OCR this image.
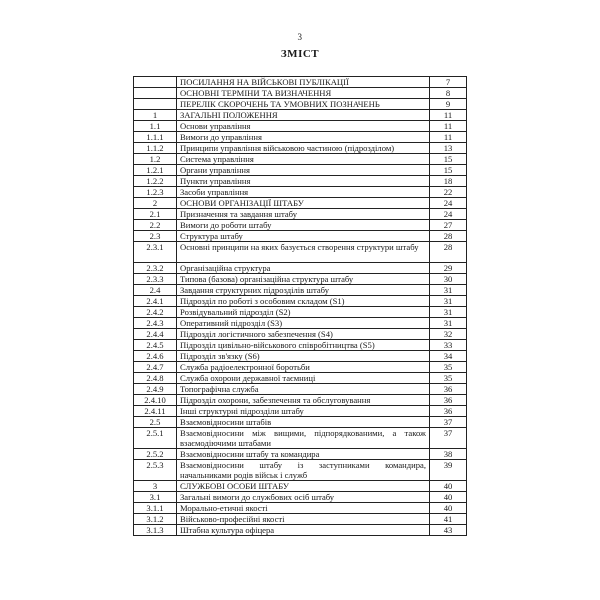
3
ЗМІСТ
	ПОСИЛАННЯ НА ВІЙСЬКОВІ ПУБЛІКАЦІЇ	7
	ОСНОВНІ ТЕРМІНИ ТА ВИЗНАЧЕННЯ	8
	ПЕРЕЛІК СКОРОЧЕНЬ ТА УМОВНИХ ПОЗНАЧЕНЬ	9
1	ЗАГАЛЬНІ ПОЛОЖЕННЯ	11
1.1	Основи управління	11
1.1.1	Вимоги до управління	11
1.1.2	Принципи управління військовою частиною (підрозділом)	13
1.2	Система управління	15
1.2.1	Органи управління	15
1.2.2	Пункти управління	18
1.2.3	Засоби управління	22
2	ОСНОВИ ОРГАНІЗАЦІЇ ШТАБУ	24
2.1	Призначення та завдання штабу	24
2.2	Вимоги до роботи штабу	27
2.3	Структура штабу	28
2.3.1	Основні принципи на яких базується створення структури штабу	28
2.3.2	Організаційна структура	29
2.3.3	Типова (базова) організаційна структура штабу	30
2.4	Завдання структурних підрозділів штабу	31
2.4.1	Підрозділ по роботі з особовим складом (S1)	31
2.4.2	Розвідувальний підрозділ (S2)	31
2.4.3	Оперативний підрозділ (S3)	31
2.4.4	Підрозділ логістичного забезпечення (S4)	32
2.4.5	Підрозділ цивільно-військового співробітництва (S5)	33
2.4.6	Підрозділ зв'язку (S6)	34
2.4.7	Служба радіоелектронної боротьби	35
2.4.8	Служба охорони державної таємниці	35
2.4.9	Топографічна служба	36
2.4.10	Підрозділ охорони, забезпечення та обслуговування	36
2.4.11	Інші структурні підрозділи штабу	36
2.5	Взаємовідносини штабів	37
2.5.1	Взаємовідносини між вищими, підпорядкованими, а також взаємодіючими штабами	37
2.5.2	Взаємовідносини штабу та командира	38
2.5.3	Взаємовідносини штабу із заступниками командира, начальниками родів військ і служб	39
3	СЛУЖБОВІ ОСОБИ ШТАБУ	40
3.1	Загальні вимоги до службових осіб штабу	40
3.1.1	Морально-етичні якості	40
3.1.2	Військово-професійні якості	41
3.1.3	Штабна культура офіцера	43
